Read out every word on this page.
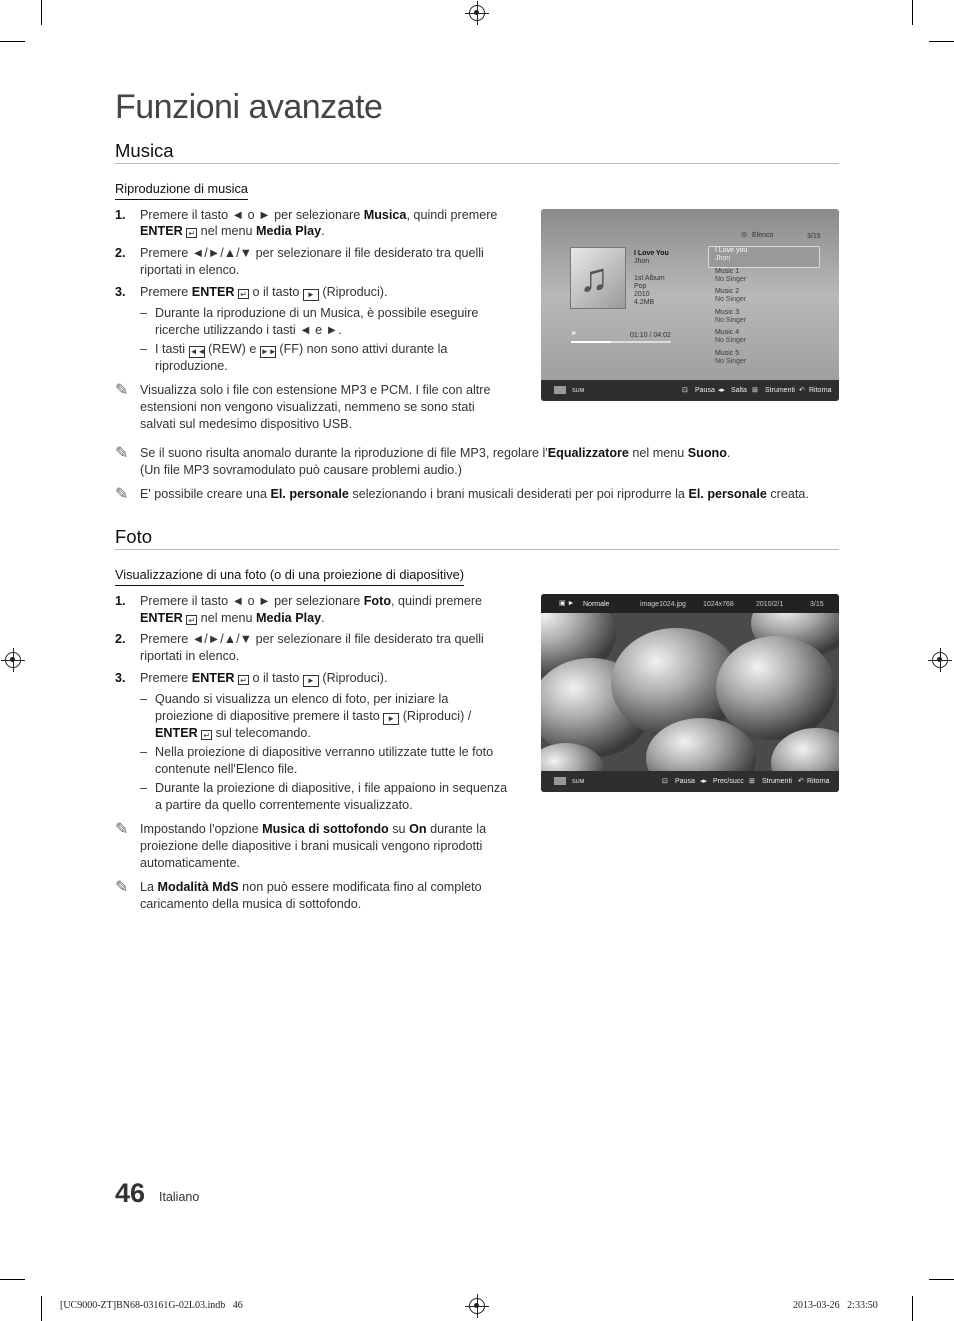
Funzioni avanzate
Musica
Riproduzione di musica
1. Premere il tasto ◄ o ► per selezionare Musica, quindi premere
ENTER ↵ nel menu Media Play.
2. Premere ◄/►/▲/▼ per selezionare il file desiderato tra quelli
riportati in elenco.
3. Premere ENTER ↵ o il tasto ► (Riproduci).
– Durante la riproduzione di un Musica, è possibile eseguire
ricerche utilizzando i tasti ◄ e ►.
– I tasti ◄◄ (REW) e ►► (FF) non sono attivi durante la
riproduzione.
✎ Visualizza solo i file con estensione MP3 e PCM. I file con altre
estensioni non vengono visualizzati, nemmeno se sono stati
salvati sul medesimo dispositivo USB.
♫
I Love You
Jhon
1st Album
Pop
2010
4.2MB
►	01:10 / 04:02
⚙ Elenco	3/15
SUM	⊡ Pausa ◂▸ Salta ⊞ Strumenti ↶ Ritorna
I Love you
Jhon
Music 1
No Singer
Music 2
No Singer
Music 3
No Singer
Music 4
No Singer
Music 5
No Singer
✎ Se il suono risulta anomalo durante la riproduzione di file MP3, regolare l'Equalizzatore nel menu Suono.
(Un file MP3 sovramodulato può causare problemi audio.)
✎ E' possibile creare una El. personale selezionando i brani musicali desiderati per poi riprodurre la El. personale creata.
Foto
Visualizzazione di una foto (o di una proiezione di diapositive)
1. Premere il tasto ◄ o ► per selezionare Foto, quindi premere
ENTER ↵ nel menu Media Play.
2. Premere ◄/►/▲/▼ per selezionare il file desiderato tra quelli
riportati in elenco.
3. Premere ENTER ↵ o il tasto ► (Riproduci).
– Quando si visualizza un elenco di foto, per iniziare la
proiezione di diapositive premere il tasto ► (Riproduci) /
ENTER ↵ sul telecomando.
– Nella proiezione di diapositive verranno utilizzate tutte le foto
contenute nell'Elenco file.
– Durante la proiezione di diapositive, i file appaiono in sequenza
a partire da quello correntemente visualizzato.
✎ Impostando l'opzione Musica di sottofondo su On durante la
proiezione delle diapositive i brani musicali vengono riprodotti
automaticamente.
✎ La Modalità MdS non può essere modificata fino al completo
caricamento della musica di sottofondo.
▣ ► Normale	image1024.jpg 1024x768	2010/2/1	3/15
SUM	⊡ Pausa ◂▸ Prec/succ ⊞ Strumenti ↶ Ritorna
46 Italiano
[UC9000-ZT]BN68-03161G-02L03.indb   46	2013-03-26   2:33:50
